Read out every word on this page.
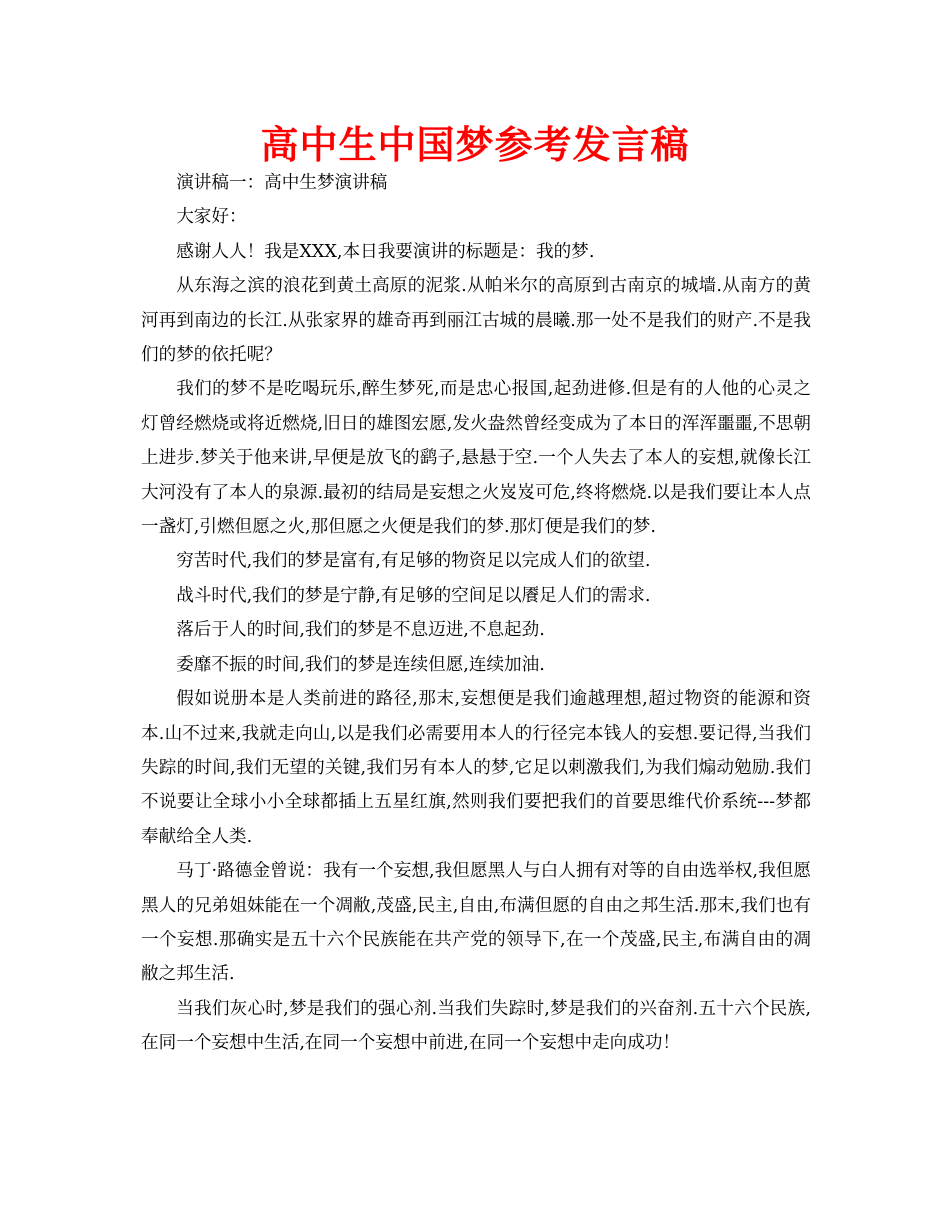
高中生中国梦参考发言稿

演讲稿一：高中生梦演讲稿

大家好：

感谢人人！我是XXX,本日我要演讲的标题是：我的梦.

从东海之滨的浪花到黄土高原的泥浆.从帕米尔的高原到古南京的城墙.从南方的黄河再到南边的长江.从张家界的雄奇再到丽江古城的晨曦.那一处不是我们的财产.不是我们的梦的依托呢？

我们的梦不是吃喝玩乐,醉生梦死,而是忠心报国,起劲进修.但是有的人他的心灵之灯曾经燃烧或将近燃烧,旧日的雄图宏愿,发火盎然曾经变成为了本日的浑浑噩噩,不思朝上进步.梦关于他来讲,早便是放飞的鹞子,悬悬于空.一个人失去了本人的妄想,就像长江大河没有了本人的泉源.最初的结局是妄想之火岌岌可危,终将燃烧.以是我们要让本人点一盏灯,引燃但愿之火,那但愿之火便是我们的梦.那灯便是我们的梦.

穷苦时代,我们的梦是富有,有足够的物资足以完成人们的欲望.

战斗时代,我们的梦是宁静,有足够的空间足以餍足人们的需求.

落后于人的时间,我们的梦是不息迈进,不息起劲.

委靡不振的时间,我们的梦是连续但愿,连续加油.

假如说册本是人类前进的路径,那末,妄想便是我们逾越理想,超过物资的能源和资本.山不过来,我就走向山,以是我们必需要用本人的行径完本钱人的妄想.要记得,当我们失踪的时间,我们无望的关键,我们另有本人的梦,它足以刺激我们,为我们煽动勉励.我们不说要让全球小小全球都插上五星红旗,然则我们要把我们的首要思维代价系统---梦都奉献给全人类.

马丁·路德金曾说：我有一个妄想,我但愿黑人与白人拥有对等的自由选举权,我但愿黑人的兄弟姐妹能在一个凋敝,茂盛,民主,自由,布满但愿的自由之邦生活.那末,我们也有一个妄想.那确实是五十六个民族能在共产党的领导下,在一个茂盛,民主,布满自由的凋敝之邦生活.

当我们灰心时,梦是我们的强心剂.当我们失踪时,梦是我们的兴奋剂.五十六个民族,在同一个妄想中生活,在同一个妄想中前进,在同一个妄想中走向成功！
